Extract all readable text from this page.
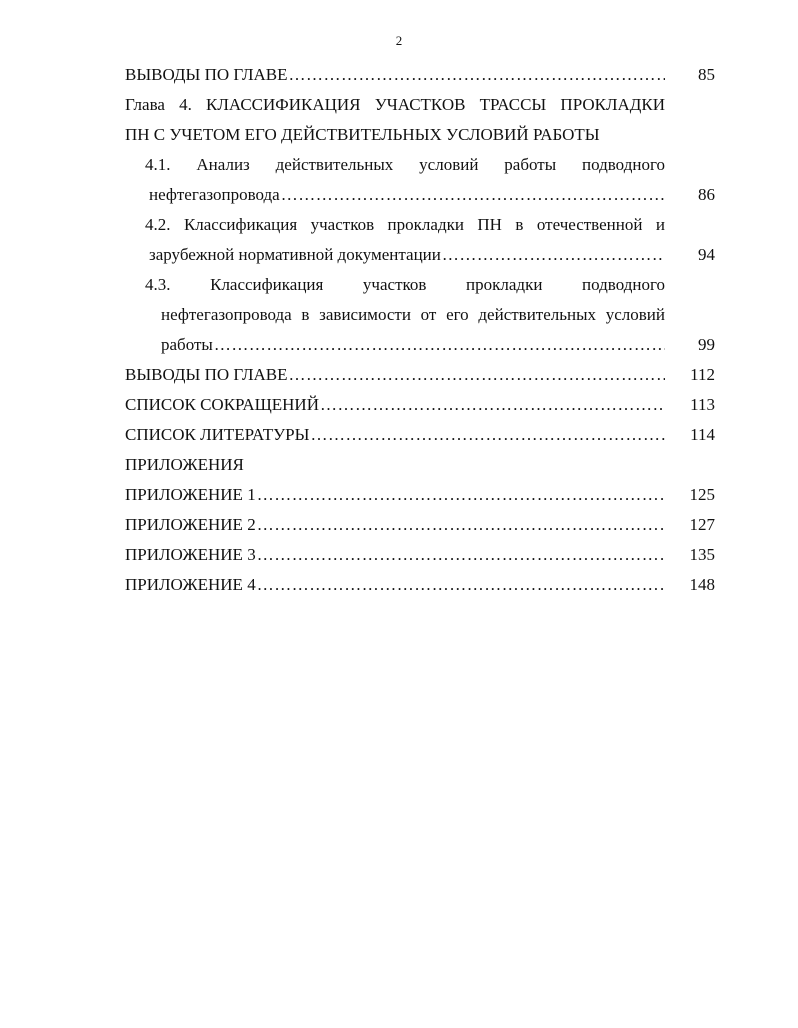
2
ВЫВОДЫ ПО ГЛАВЕ ………………………………………………………………………………………………………………………………………………………………	85
Глава 4. КЛАССИФИКАЦИЯ УЧАСТКОВ ТРАССЫ ПРОКЛАДКИ
ПН С УЧЕТОМ ЕГО ДЕЙСТВИТЕЛЬНЫХ УСЛОВИЙ РАБОТЫ
4.1. Анализ действительных условий работы подводного
нефтегазопровода ………………………………………………………………………………………………………………………………………………………………	86
4.2. Классификация участков прокладки ПН в отечественной и
зарубежной нормативной документации ………………………………………………………………………………………………………………………………………………………………	94
4.3. Классификация участков прокладки подводного
нефтегазопровода в зависимости от его действительных условий
работы ………………………………………………………………………………………………………………………………………………………………	99
ВЫВОДЫ ПО ГЛАВЕ ………………………………………………………………………………………………………………………………………………………………	112
СПИСОК СОКРАЩЕНИЙ ………………………………………………………………………………………………………………………………………………………………	113
СПИСОК ЛИТЕРАТУРЫ ………………………………………………………………………………………………………………………………………………………………	114
ПРИЛОЖЕНИЯ
ПРИЛОЖЕНИЕ 1 ………………………………………………………………………………………………………………………………………………………………	125
ПРИЛОЖЕНИЕ 2 ………………………………………………………………………………………………………………………………………………………………	127
ПРИЛОЖЕНИЕ 3 ………………………………………………………………………………………………………………………………………………………………	135
ПРИЛОЖЕНИЕ 4 ………………………………………………………………………………………………………………………………………………………………	148
